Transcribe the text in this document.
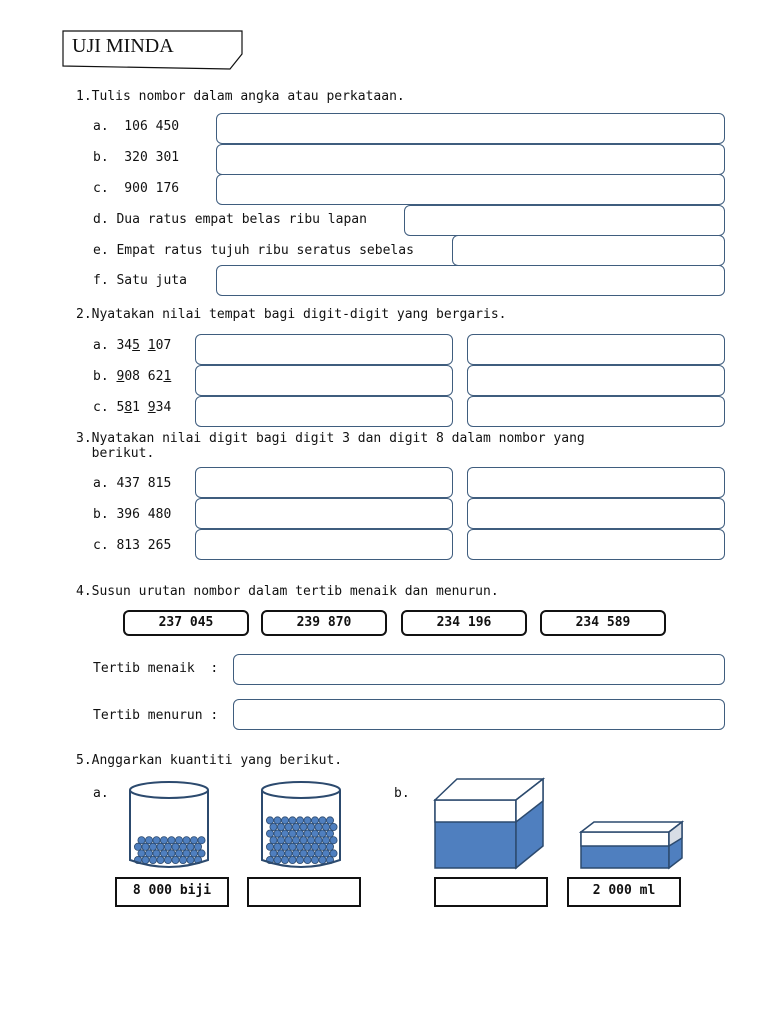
UJI MINDA
1.Tulis nombor dalam angka atau perkataan.
a.  106 450
b.  320 301
c.  900 176
d. Dua ratus empat belas ribu lapan
e. Empat ratus tujuh ribu seratus sebelas
f. Satu juta
2.Nyatakan nilai tempat bagi digit-digit yang bergaris.
a. 345 107
b. 908 621
c. 581 934
3.Nyatakan nilai digit bagi digit 3 dan digit 8 dalam nombor yang
berikut.
a. 437 815
b. 396 480
c. 813 265
4.Susun urutan nombor dalam tertib menaik dan menurun.
237 045	239 870	234 196	234 589
Tertib menaik  :
Tertib menurun :
5.Anggarkan kuantiti yang berikut.
a.	b.
8 000 biji	2 000 ml
